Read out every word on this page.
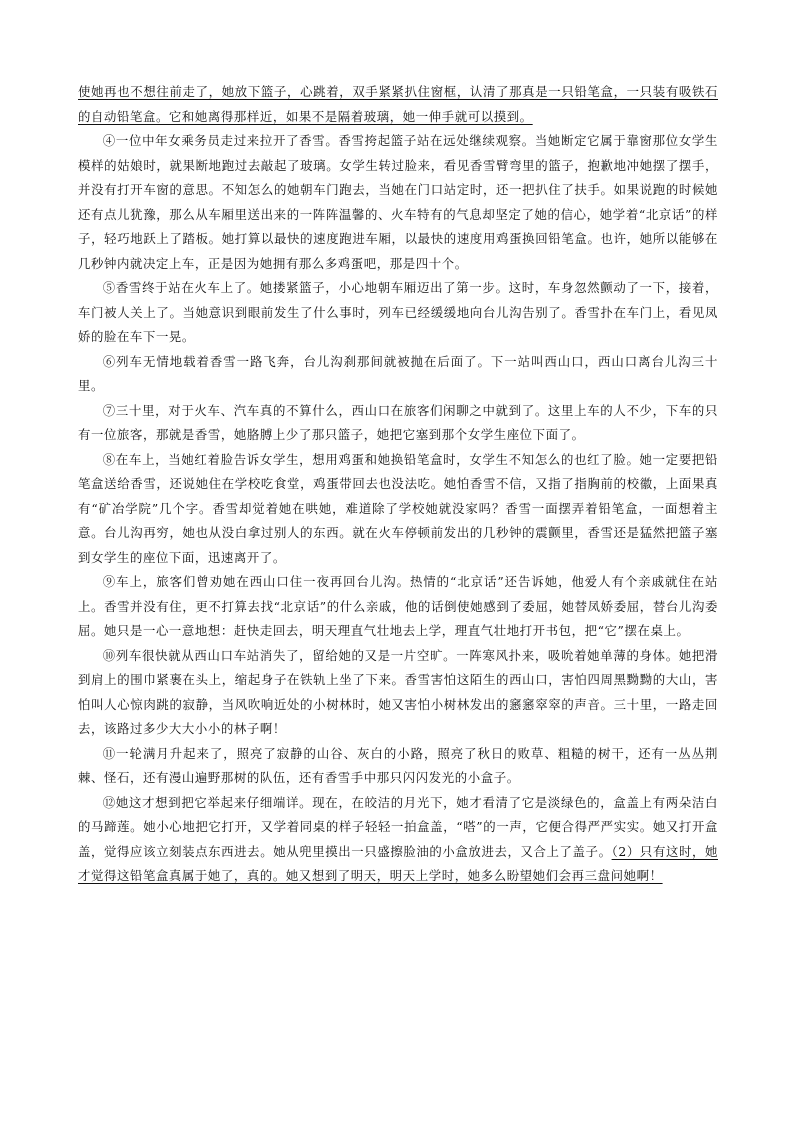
使她再也不想往前走了，她放下篮子，心跳着，双手紧紧扒住窗框，认清了那真是一只铅笔盒，一只装有吸铁石的自动铅笔盒。它和她离得那样近，如果不是隔着玻璃，她一伸手就可以摸到。

④一位中年女乘务员走过来拉开了香雪。香雪挎起篮子站在远处继续观察。当她断定它属于靠窗那位女学生模样的姑娘时，就果断地跑过去敲起了玻璃。女学生转过脸来，看见香雪臂弯里的篮子，抱歉地冲她摆了摆手，并没有打开车窗的意思。不知怎么的她朝车门跑去，当她在门口站定时，还一把扒住了扶手。如果说跑的时候她还有点儿犹豫，那么从车厢里送出来的一阵阵温馨的、火车特有的气息却坚定了她的信心，她学着“北京话”的样子，轻巧地跃上了踏板。她打算以最快的速度跑进车厢，以最快的速度用鸡蛋换回铅笔盒。也许，她所以能够在几秒钟内就决定上车，正是因为她拥有那么多鸡蛋吧，那是四十个。

⑤香雪终于站在火车上了。她搂紧篮子，小心地朝车厢迈出了第一步。这时，车身忽然颤动了一下，接着，车门被人关上了。当她意识到眼前发生了什么事时，列车已经缓缓地向台儿沟告别了。香雪扑在车门上，看见凤娇的脸在车下一晃。

⑥列车无情地载着香雪一路飞奔，台儿沟刹那间就被抛在后面了。下一站叫西山口，西山口离台儿沟三十里。

⑦三十里，对于火车、汽车真的不算什么，西山口在旅客们闲聊之中就到了。这里上车的人不少，下车的只有一位旅客，那就是香雪，她胳膊上少了那只篮子，她把它塞到那个女学生座位下面了。

⑧在车上，当她红着脸告诉女学生，想用鸡蛋和她换铅笔盒时，女学生不知怎么的也红了脸。她一定要把铅笔盒送给香雪，还说她住在学校吃食堂，鸡蛋带回去也没法吃。她怕香雪不信，又指了指胸前的校徽，上面果真有“矿冶学院”几个字。香雪却觉着她在哄她，难道除了学校她就没家吗？香雪一面摆弄着铅笔盒，一面想着主意。台儿沟再穷，她也从没白拿过别人的东西。就在火车停顿前发出的几秒钟的震颤里，香雪还是猛然把篮子塞到女学生的座位下面，迅速离开了。

⑨车上，旅客们曾劝她在西山口住一夜再回台儿沟。热情的“北京话”还告诉她，他爱人有个亲戚就住在站上。香雪并没有住，更不打算去找“北京话”的什么亲戚，他的话倒使她感到了委屈，她替凤娇委屈，替台儿沟委屈。她只是一心一意地想：赶快走回去，明天理直气壮地去上学，理直气壮地打开书包，把“它”摆在桌上。

⑩列车很快就从西山口车站消失了，留给她的又是一片空旷。一阵寒风扑来，吸吮着她单薄的身体。她把滑到肩上的围巾紧裹在头上，缩起身子在铁轨上坐了下来。香雪害怕这陌生的西山口，害怕四周黑黝黝的大山，害怕叫人心惊肉跳的寂静，当风吹响近处的小树林时，她又害怕小树林发出的窸窸窣窣的声音。三十里，一路走回去，该路过多少大大小小的林子啊！

⑪一轮满月升起来了，照亮了寂静的山谷、灰白的小路，照亮了秋日的败草、粗糙的树干，还有一丛丛荆棘、怪石，还有漫山遍野那树的队伍，还有香雪手中那只闪闪发光的小盒子。

⑫她这才想到把它举起来仔细端详。现在，在皎洁的月光下，她才看清了它是淡绿色的，盒盖上有两朵洁白的马蹄莲。她小心地把它打开，又学着同桌的样子轻轻一拍盒盖，“嗒”的一声，它便合得严严实实。她又打开盒盖，觉得应该立刻装点东西进去。她从兜里摸出一只盛擦脸油的小盒放进去，又合上了盖子。（2）只有这时，她才觉得这铅笔盒真属于她了，真的。她又想到了明天，明天上学时，她多么盼望她们会再三盘问她啊！
